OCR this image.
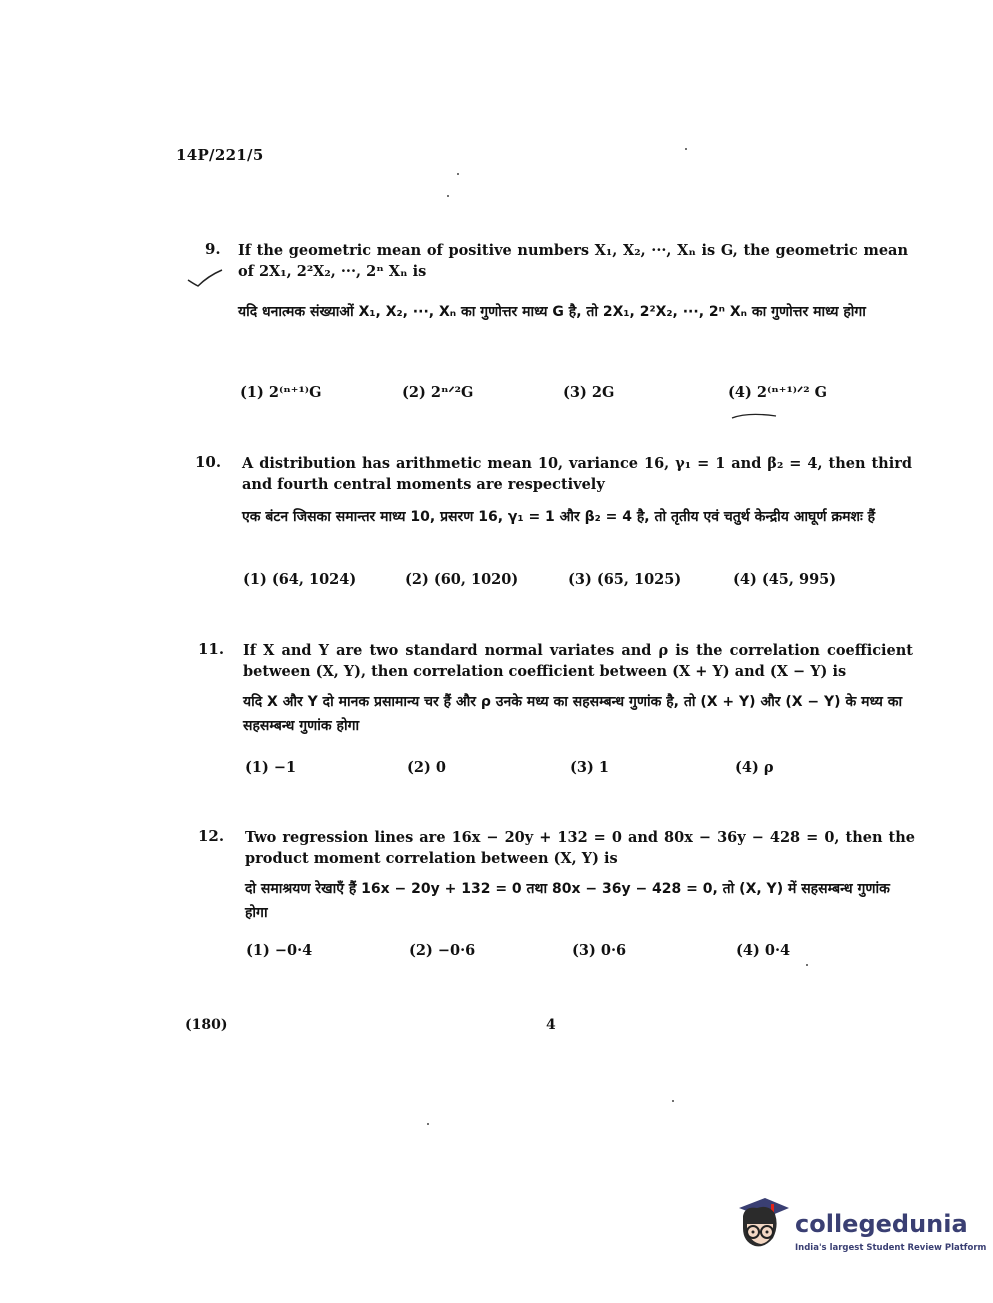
14P/221/5
9. If the geometric mean of positive numbers X₁, X₂, ···, Xₙ is G, the geometric mean of 2X₁, 2²X₂, ···, 2ⁿ Xₙ is
यदि धनात्मक संख्याओं X₁, X₂, ···, Xₙ का गुणोत्तर माध्य G है, तो 2X₁, 2²X₂, ···, 2ⁿ Xₙ का गुणोत्तर माध्य होगा
(1) 2⁽ⁿ⁺¹⁾G	(2) 2ⁿᐟ²G	(3) 2G	(4) 2⁽ⁿ⁺¹⁾ᐟ² G
10. A distribution has arithmetic mean 10, variance 16, γ₁ = 1 and β₂ = 4, then third and fourth central moments are respectively
एक बंटन जिसका समान्तर माध्य 10, प्रसरण 16, γ₁ = 1 और β₂ = 4 है, तो तृतीय एवं चतुर्थ केन्द्रीय आघूर्ण क्रमशः हैं
(1) (64, 1024)	(2) (60, 1020)	(3) (65, 1025)	(4) (45, 995)
11. If X and Y are two standard normal variates and ρ is the correlation coefficient between (X, Y), then correlation coefficient between (X + Y) and (X − Y) is
यदि X और Y दो मानक प्रसामान्य चर हैं और ρ उनके मध्य का सहसम्बन्ध गुणांक है, तो (X + Y) और (X − Y) के मध्य का सहसम्बन्ध गुणांक होगा
(1) −1	(2) 0	(3) 1	(4) ρ
12. Two regression lines are 16x − 20y + 132 = 0 and 80x − 36y − 428 = 0, then the product moment correlation between (X, Y) is
दो समाश्रयण रेखाएँ हैं 16x − 20y + 132 = 0 तथा 80x − 36y − 428 = 0, तो (X, Y) में सहसम्बन्ध गुणांक होगा
(1) −0·4	(2) −0·6	(3) 0·6	(4) 0·4
(180)	4
collegedunia
India's largest Student Review Platform
